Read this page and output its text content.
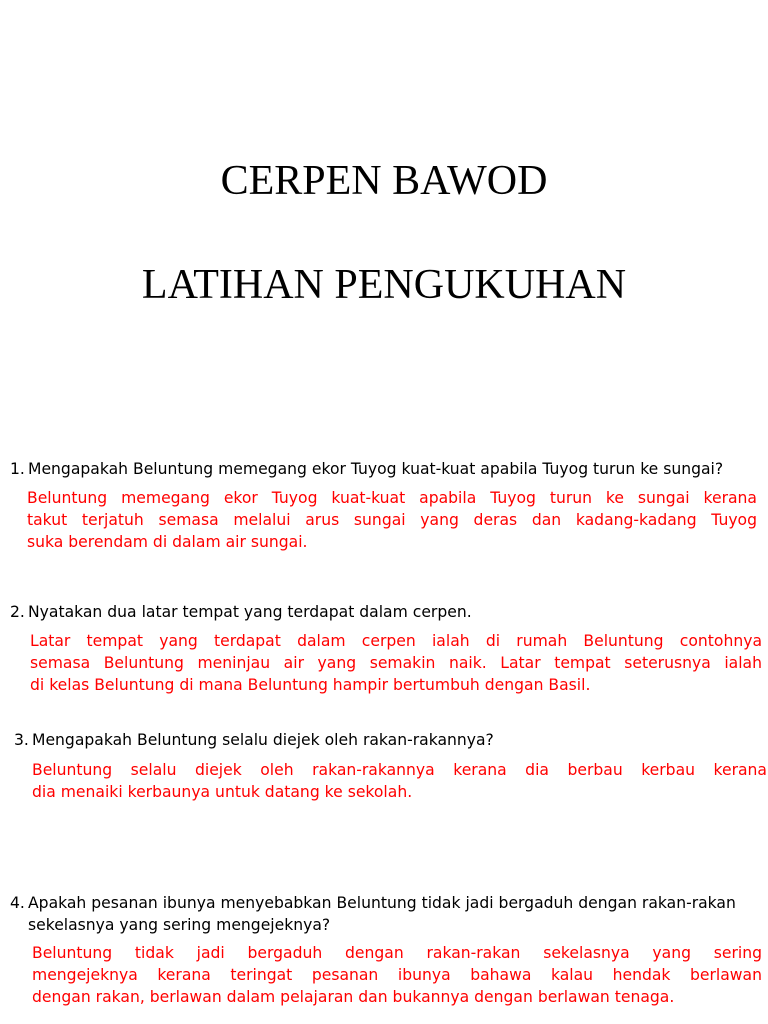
CERPEN BAWOD
LATIHAN PENGUKUHAN

1. Mengapakah Beluntung memegang ekor Tuyog kuat-kuat apabila Tuyog turun ke sungai?

Beluntung memegang ekor Tuyog kuat-kuat apabila Tuyog turun ke sungai kerana
takut terjatuh semasa melalui arus sungai yang deras dan kadang-kadang Tuyog
suka berendam di dalam air sungai.

2. Nyatakan dua latar tempat yang terdapat dalam cerpen.

Latar tempat yang terdapat dalam cerpen ialah di rumah Beluntung contohnya
semasa Beluntung meninjau air yang semakin naik. Latar tempat seterusnya ialah
di kelas Beluntung di mana Beluntung hampir bertumbuh dengan Basil.

3. Mengapakah Beluntung selalu diejek oleh rakan-rakannya?

Beluntung selalu diejek oleh rakan-rakannya kerana dia berbau kerbau kerana
dia menaiki kerbaunya untuk datang ke sekolah.

4. Apakah pesanan ibunya menyebabkan Beluntung tidak jadi bergaduh dengan rakan-rakan sekelasnya yang sering mengejeknya?

Beluntung tidak jadi bergaduh dengan rakan-rakan sekelasnya yang sering
mengejeknya kerana teringat pesanan ibunya bahawa kalau hendak berlawan
dengan rakan, berlawan dalam pelajaran dan bukannya dengan berlawan tenaga.
